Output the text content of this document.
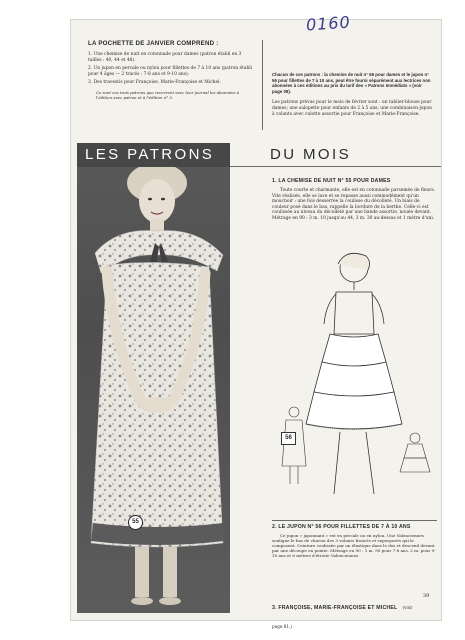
0160
LA POCHETTE DE JANVIER COMPREND :
1. Une chemise de nuit en cotonnade pour dames (patron établi en 3 tailles : 40, 44 et 48).
2. Un jupon en percale ou nylon pour fillettes de 7 à 10 ans (patron établi pour 4 âges — 2 tracés : 7-8 ans et 9-10 ans).
3. Des travestis pour Françoise, Marie-Françoise et Michel.
Ce sont ces trois patrons que recevront avec leur journal les abonnées à l'édition avec patron et à l'édition n° 3.
Chacun de ces patrons : la chemise de nuit n° 55 pour dames et le jupon n° 56 pour fillettes de 7 à 10 ans, peut être fourni séparément aux lectrices non abonnées à ces éditions au prix du tarif des « Patrons Immédiats » (voir page 09).
Les patrons prévus pour le mois de février sont : un tablier-blouse pour dames; une salopette pour enfants de 2 à 5 ans; une combinaison-jupon à volants avec culotte assortie pour Françoise et Marie-Françoise.
LES PATRONS	DU MOIS
55
1. LA CHEMISE DE NUIT N° 55 POUR DAMES
Toute courte et charmante, elle est en cotonnade parsemée de fleurs. Vite réalisée, elle se lave et se repasse aussi commodément qu'un mouchoir : une fois desserrée la coulisse du décolleté. Un biais de couleur posé dans le bas, rappelle la bordure de la berthe. Celle-ci est coulissée au niveau du décolleté par une bande assortie, nouée devant. Métrage en 90 : 3 m. 10 jusqu'au 44, 3 m. 30 au-dessus et 1 mètre d'uni.
56
2. LE JUPON N° 56 POUR FILLETTES DE 7 À 10 ANS
Ce jupon « japonnant » est en percale ou en nylon. Une Valenciennes souligne le bas de chacun des 3 volants froncés et superposés qui le composent. Ceinture coulissée par un élastique dans le dos et descend devant par une découpe en pointe. Métrage en 90 : 1 m. 90 pour 7-8 ans, 2 m. pour 9-10 ans et 6 mètres d'étroite Valenciennes.
3. FRANÇOISE, MARIE-FRANÇOISE ET MICHEL (voir page 81.)
39
